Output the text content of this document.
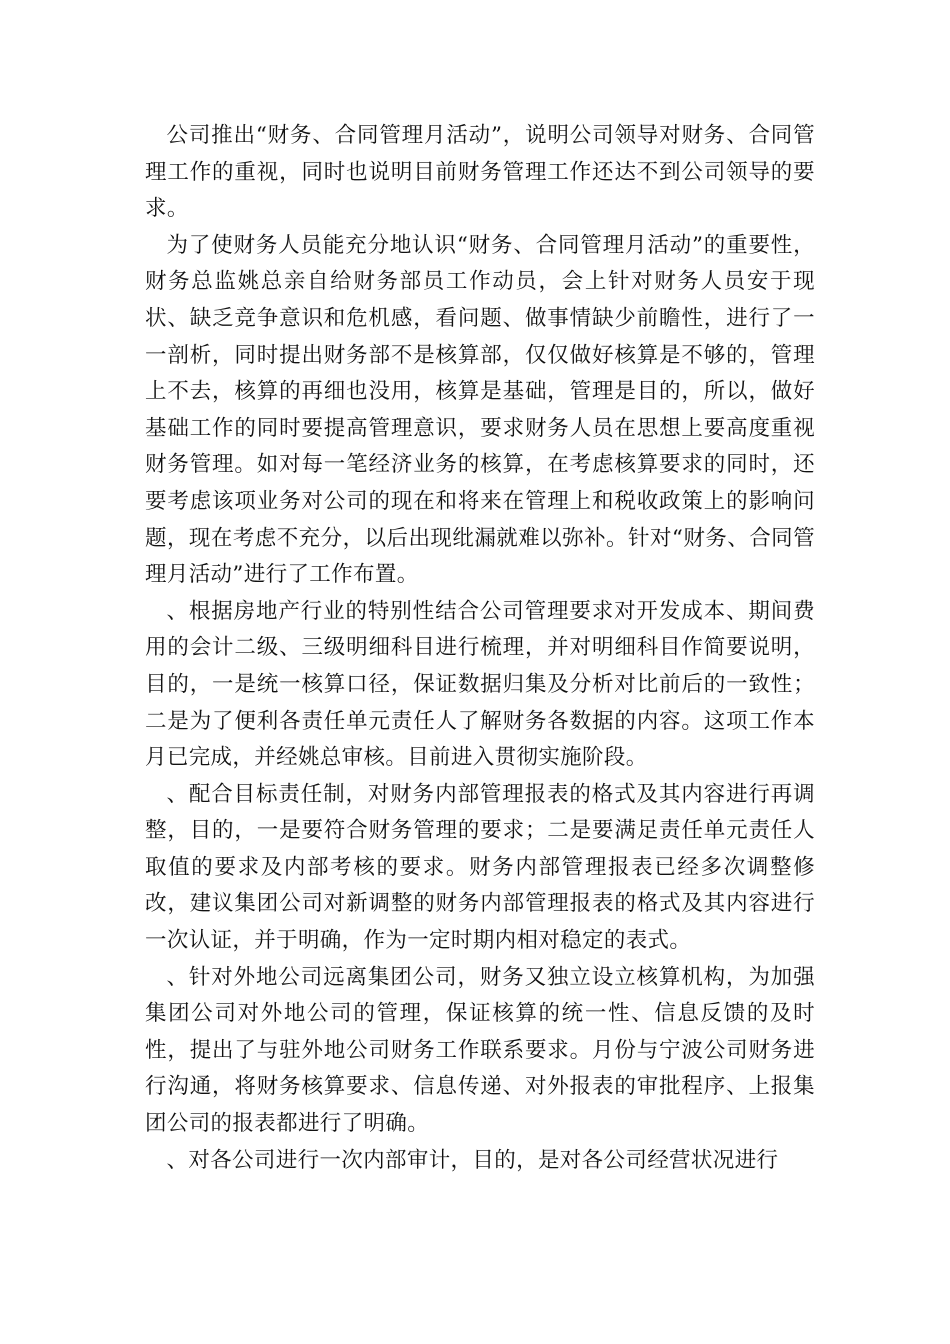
公司推出“财务、合同管理月活动”，说明公司领导对财务、合同管理工作的重视，同时也说明目前财务管理工作还达不到公司领导的要求。

为了使财务人员能充分地认识“财务、合同管理月活动”的重要性，财务总监姚总亲自给财务部员工作动员，会上针对财务人员安于现状、缺乏竞争意识和危机感，看问题、做事情缺少前瞻性，进行了一一剖析，同时提出财务部不是核算部，仅仅做好核算是不够的，管理上不去，核算的再细也没用，核算是基础，管理是目的，所以，做好基础工作的同时要提高管理意识，要求财务人员在思想上要高度重视财务管理。如对每一笔经济业务的核算，在考虑核算要求的同时，还要考虑该项业务对公司的现在和将来在管理上和税收政策上的影响问题，现在考虑不充分，以后出现纰漏就难以弥补。针对“财务、合同管理月活动”进行了工作布置。

、根据房地产行业的特别性结合公司管理要求对开发成本、期间费用的会计二级、三级明细科目进行梳理，并对明细科目作简要说明，目的，一是统一核算口径，保证数据归集及分析对比前后的一致性；二是为了便利各责任单元责任人了解财务各数据的内容。这项工作本月已完成，并经姚总审核。目前进入贯彻实施阶段。

、配合目标责任制，对财务内部管理报表的格式及其内容进行再调整，目的，一是要符合财务管理的要求；二是要满足责任单元责任人取值的要求及内部考核的要求。财务内部管理报表已经多次调整修改，建议集团公司对新调整的财务内部管理报表的格式及其内容进行一次认证，并于明确，作为一定时期内相对稳定的表式。

、针对外地公司远离集团公司，财务又独立设立核算机构，为加强集团公司对外地公司的管理，保证核算的统一性、信息反馈的及时性，提出了与驻外地公司财务工作联系要求。月份与宁波公司财务进行沟通，将财务核算要求、信息传递、对外报表的审批程序、上报集团公司的报表都进行了明确。

、对各公司进行一次内部审计，目的，是对各公司经营状况进行
